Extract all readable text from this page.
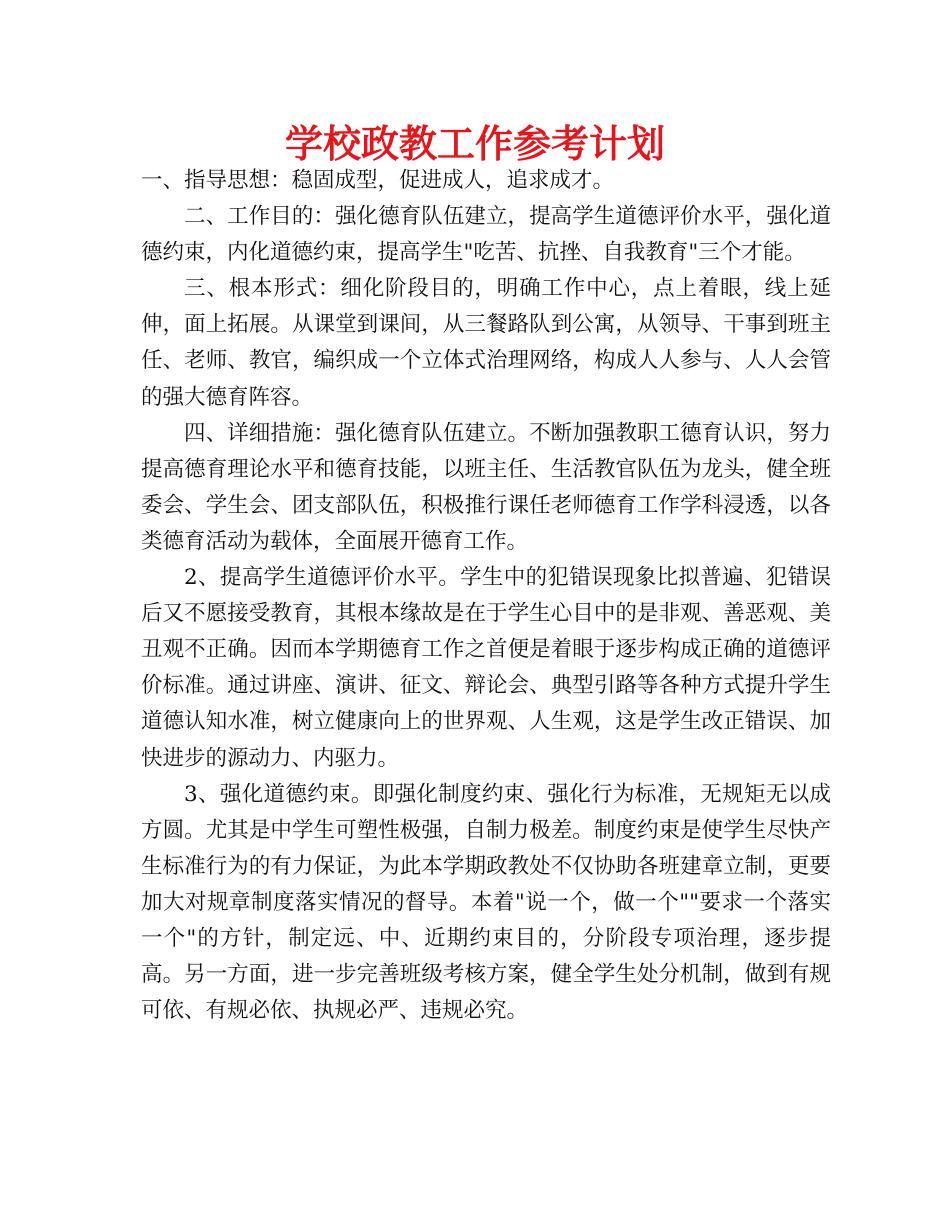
学校政教工作参考计划

一、指导思想：稳固成型，促进成人，追求成才。

二、工作目的：强化德育队伍建立，提高学生道德评价水平，强化道德约束，内化道德约束，提高学生"吃苦、抗挫、自我教育"三个才能。

三、根本形式：细化阶段目的，明确工作中心，点上着眼，线上延伸，面上拓展。从课堂到课间，从三餐路队到公寓，从领导、干事到班主任、老师、教官，编织成一个立体式治理网络，构成人人参与、人人会管的强大德育阵容。

四、详细措施：强化德育队伍建立。不断加强教职工德育认识，努力提高德育理论水平和德育技能，以班主任、生活教官队伍为龙头，健全班委会、学生会、团支部队伍，积极推行课任老师德育工作学科浸透，以各类德育活动为载体，全面展开德育工作。

2、提高学生道德评价水平。学生中的犯错误现象比拟普遍、犯错误后又不愿接受教育，其根本缘故是在于学生心目中的是非观、善恶观、美丑观不正确。因而本学期德育工作之首便是着眼于逐步构成正确的道德评价标准。通过讲座、演讲、征文、辩论会、典型引路等各种方式提升学生道德认知水准，树立健康向上的世界观、人生观，这是学生改正错误、加快进步的源动力、内驱力。

3、强化道德约束。即强化制度约束、强化行为标准，无规矩无以成方圆。尤其是中学生可塑性极强，自制力极差。制度约束是使学生尽快产生标准行为的有力保证，为此本学期政教处不仅协助各班建章立制，更要加大对规章制度落实情况的督导。本着"说一个，做一个""要求一个落实一个"的方针，制定远、中、近期约束目的，分阶段专项治理，逐步提高。另一方面，进一步完善班级考核方案，健全学生处分机制，做到有规可依、有规必依、执规必严、违规必究。
